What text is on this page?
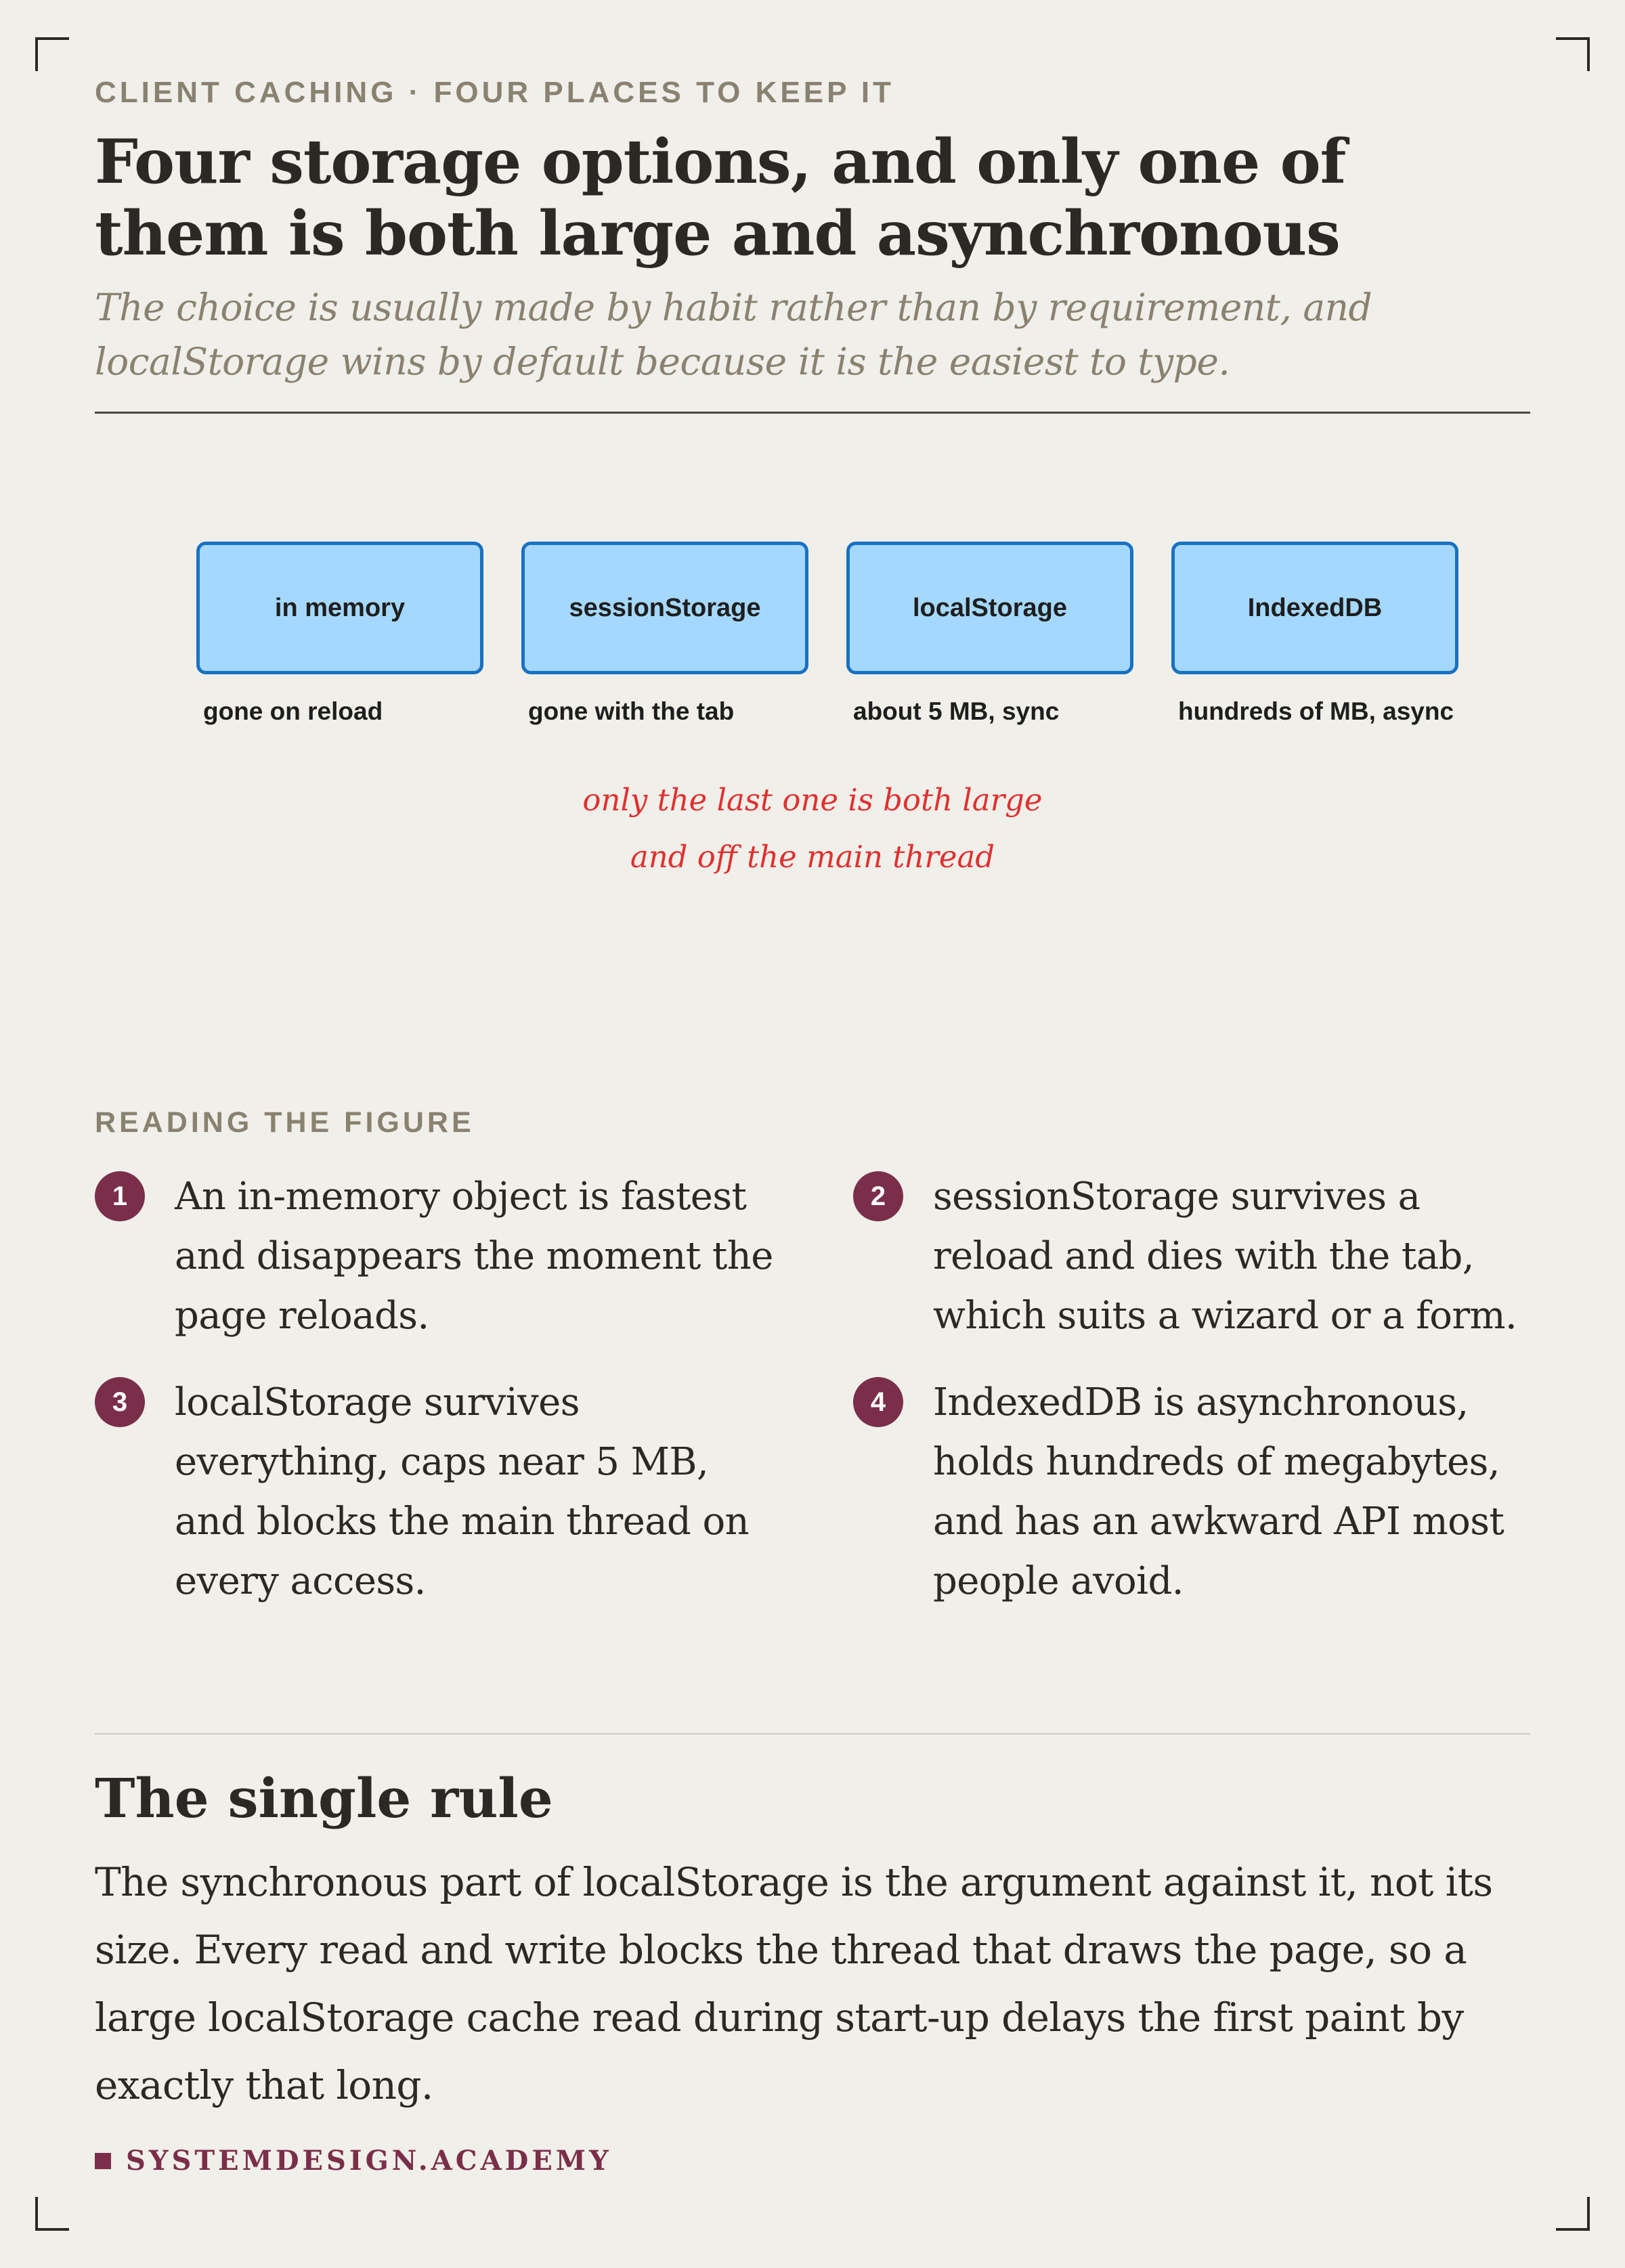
CLIENT CACHING · FOUR PLACES TO KEEP IT
Four storage options, and only one of them is both large and asynchronous

The choice is usually made by habit rather than by requirement, and localStorage wins by default because it is the easiest to type.

in memory	sessionStorage	localStorage	IndexedDB
gone on reload	gone with the tab	about 5 MB, sync	hundreds of MB, async
only the last one is both large
and off the main thread
READING THE FIGURE
1	An in-memory object is fastest and disappears the moment the page reloads.
2	sessionStorage survives a reload and dies with the tab, which suits a wizard or a form.
3	localStorage survives everything, caps near 5 MB, and blocks the main thread on every access.
4	IndexedDB is asynchronous, holds hundreds of megabytes, and has an awkward API most people avoid.
The single rule

The synchronous part of localStorage is the argument against it, not its size. Every read and write blocks the thread that draws the page, so a large localStorage cache read during start-up delays the first paint by exactly that long.

SYSTEMDESIGN.ACADEMY
